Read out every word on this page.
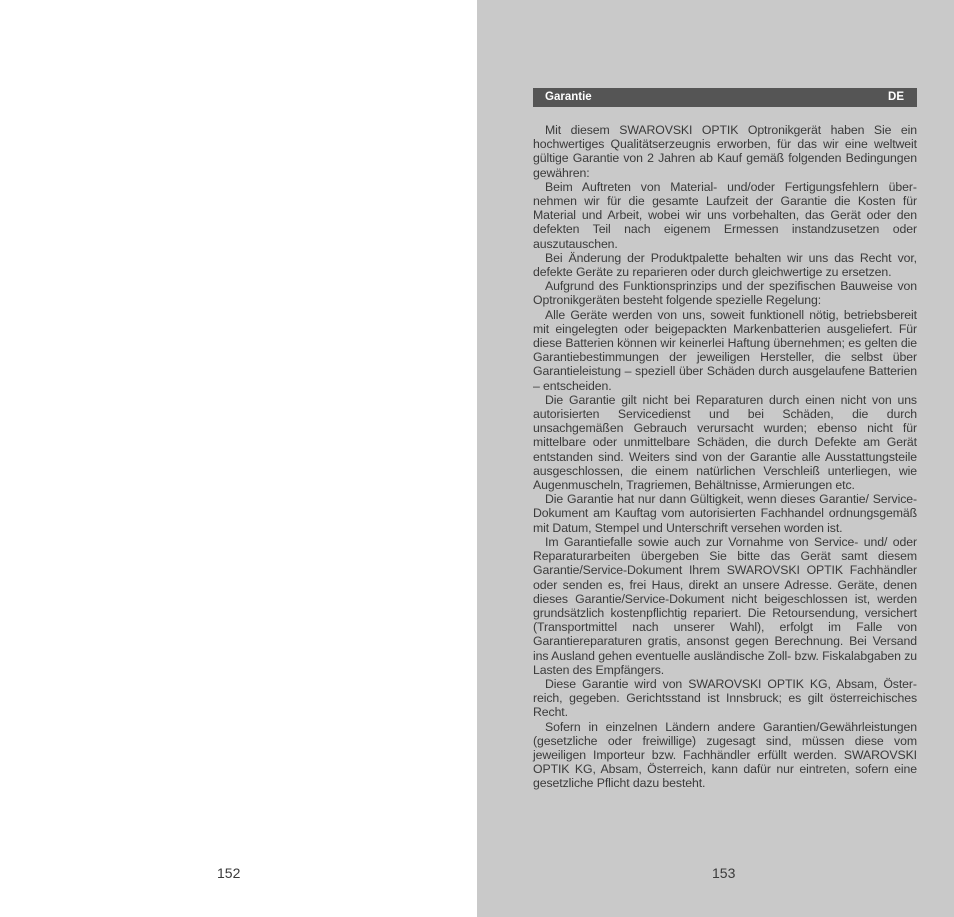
152
Garantie	DE

Mit diesem SWAROVSKI OPTIK Optronikgerät haben Sie ein hochwertiges Qualitätserzeugnis erworben, für das wir eine weltweit gültige Garantie von 2 Jahren ab Kauf gemäß folgenden Bedingungen gewähren:

Beim Auftreten von Material- und/oder Fertigungsfehlern übernehmen wir für die gesamte Laufzeit der Garantie die Kosten für Material und Arbeit, wobei wir uns vorbehalten, das Gerät oder den defekten Teil nach eigenem Ermessen instandzusetzen oder auszutauschen.

Bei Änderung der Produktpalette behalten wir uns das Recht vor, defekte Geräte zu reparieren oder durch gleichwertige zu ersetzen.

Aufgrund des Funktionsprinzips und der spezifischen Bauweise von Optronikgeräten besteht folgende spezielle Regelung:

Alle Geräte werden von uns, soweit funktionell nötig, betriebsbereit mit eingelegten oder beigepackten Markenbatterien ausgeliefert. Für diese Batterien können wir keinerlei Haftung übernehmen; es gelten die Garantiebestimmungen der jeweiligen Hersteller, die selbst über Garantieleistung – speziell über Schäden durch ausgelaufene Batterien – entscheiden.

Die Garantie gilt nicht bei Reparaturen durch einen nicht von uns autorisierten Servicedienst und bei Schäden, die durch unsachgemäßen Gebrauch verursacht wurden; ebenso nicht für mittelbare oder unmittelbare Schäden, die durch Defekte am Gerät entstanden sind. Weiters sind von der Garantie alle Ausstattungsteile ausgeschlossen, die einem natürlichen Verschleiß unterliegen, wie Augenmuscheln, Tragriemen, Behältnisse, Armierungen etc.

Die Garantie hat nur dann Gültigkeit, wenn dieses Garantie/ Service-Dokument am Kauftag vom autorisierten Fachhandel ordnungsgemäß mit Datum, Stempel und Unterschrift versehen worden ist.

Im Garantiefalle sowie auch zur Vornahme von Service- und/ oder Reparaturarbeiten übergeben Sie bitte das Gerät samt diesem Garantie/Service-Dokument Ihrem SWAROVSKI OPTIK Fachhändler oder senden es, frei Haus, direkt an unsere Adresse. Geräte, denen dieses Garantie/Service-Dokument nicht beigeschlossen ist, werden grundsätzlich kostenpflichtig repariert. Die Retoursendung, versichert (Transportmittel nach unserer Wahl), erfolgt im Falle von Garantiereparaturen gratis, ansonst gegen Berechnung. Bei Versand ins Ausland gehen eventuelle ausländische Zoll- bzw. Fiskalabgaben zu Lasten des Empfängers.

Diese Garantie wird von SWAROVSKI OPTIK KG, Absam, Österreich, gegeben. Gerichtsstand ist Innsbruck; es gilt österreichisches Recht.

Sofern in einzelnen Ländern andere Garantien/Gewährleistungen (gesetzliche oder freiwillige) zugesagt sind, müssen diese vom jeweiligen Importeur bzw. Fachhändler erfüllt werden. SWAROVSKI OPTIK KG, Absam, Österreich, kann dafür nur eintreten, sofern eine gesetzliche Pflicht dazu besteht.

153
